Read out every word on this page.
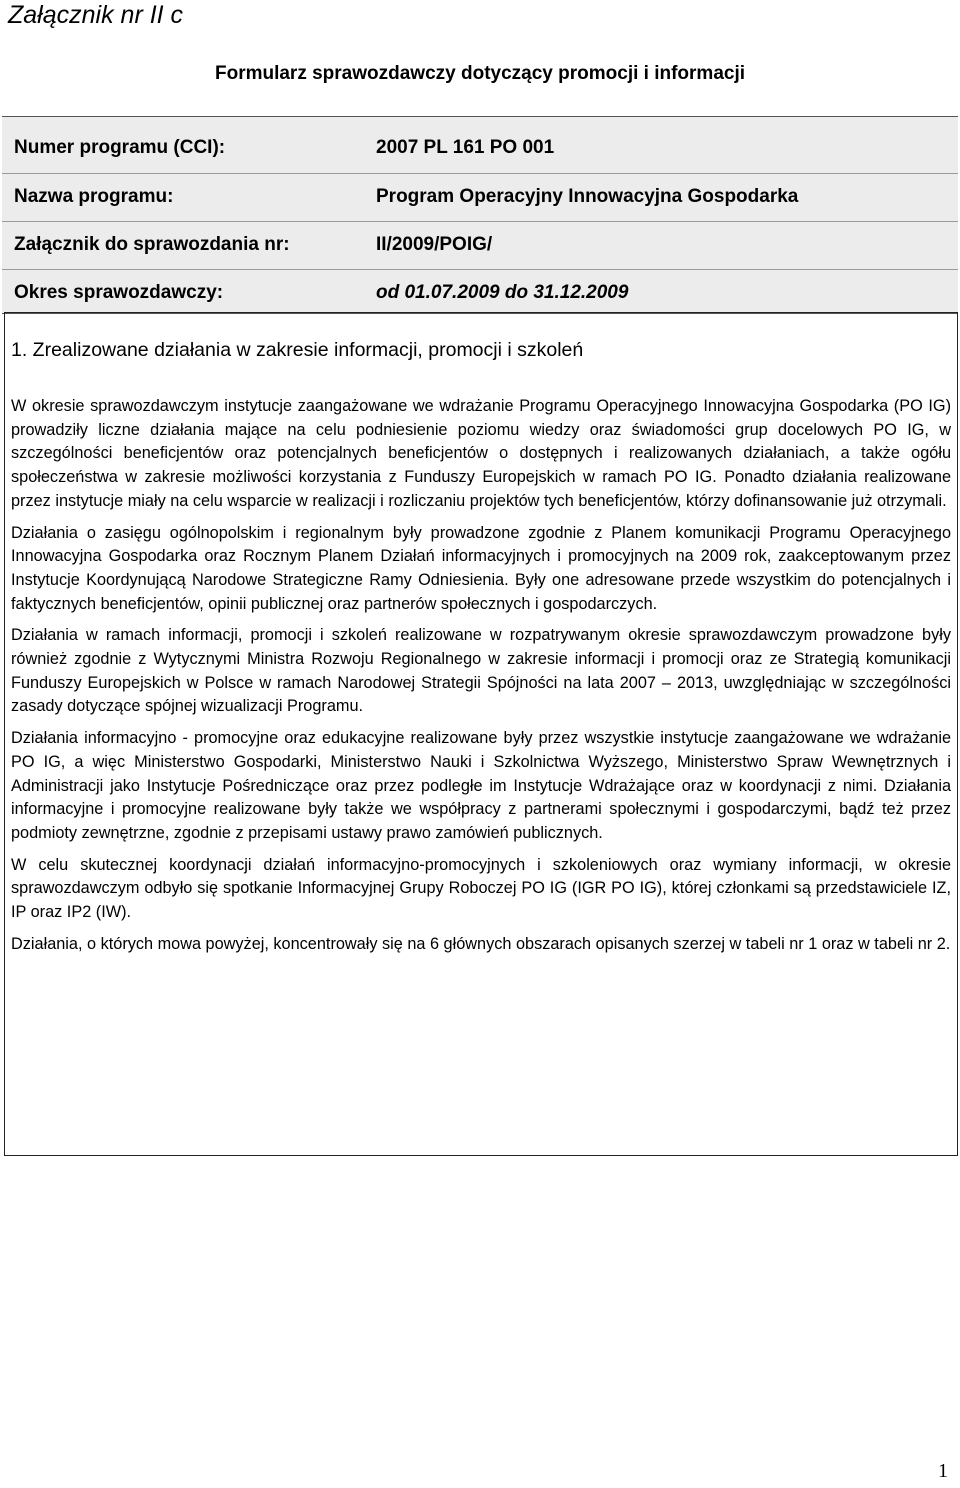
Załącznik nr II c
Formularz sprawozdawczy dotyczący promocji i informacji
Numer programu (CCI):	2007 PL 161 PO 001
Nazwa programu:	Program Operacyjny Innowacyjna Gospodarka
Załącznik do sprawozdania nr:	II/2009/POIG/
Okres sprawozdawczy:	od 01.07.2009 do 31.12.2009
1. Zrealizowane działania w zakresie informacji, promocji i szkoleń

W okresie sprawozdawczym instytucje zaangażowane we wdrażanie Programu Operacyjnego Innowacyjna Gospodarka (PO IG) prowadziły liczne działania mające na celu podniesienie poziomu wiedzy oraz świadomości grup docelowych PO IG, w szczególności beneficjentów oraz potencjalnych beneficjentów o dostępnych i realizowanych działaniach, a także ogółu społeczeństwa w zakresie możliwości korzystania z Funduszy Europejskich w ramach PO IG. Ponadto działania realizowane przez instytucje miały na celu wsparcie w realizacji i rozliczaniu projektów tych beneficjentów, którzy dofinansowanie już otrzymali.

Działania o zasięgu ogólnopolskim i regionalnym były prowadzone zgodnie z Planem komunikacji Programu Operacyjnego Innowacyjna Gospodarka oraz Rocznym Planem Działań informacyjnych i promocyjnych na 2009 rok, zaakceptowanym przez Instytucje Koordynującą Narodowe Strategiczne Ramy Odniesienia. Były one adresowane przede wszystkim do potencjalnych i faktycznych beneficjentów, opinii publicznej oraz partnerów społecznych i gospodarczych.

Działania w ramach informacji, promocji i szkoleń realizowane w rozpatrywanym okresie sprawozdawczym prowadzone były również zgodnie z Wytycznymi Ministra Rozwoju Regionalnego w zakresie informacji i promocji oraz ze Strategią komunikacji Funduszy Europejskich w Polsce w ramach Narodowej Strategii Spójności na lata 2007 – 2013, uwzględniając w szczególności zasady dotyczące spójnej wizualizacji Programu.

Działania informacyjno - promocyjne oraz edukacyjne realizowane były przez wszystkie instytucje zaangażowane we wdrażanie PO IG, a więc Ministerstwo Gospodarki, Ministerstwo Nauki i Szkolnictwa Wyższego, Ministerstwo Spraw Wewnętrznych i Administracji jako Instytucje Pośredniczące oraz przez podległe im Instytucje Wdrażające oraz w koordynacji z nimi. Działania informacyjne i promocyjne realizowane były także we współpracy z partnerami społecznymi i gospodarczymi, bądź też przez podmioty zewnętrzne, zgodnie z przepisami ustawy prawo zamówień publicznych.

W celu skutecznej koordynacji działań informacyjno-promocyjnych i szkoleniowych oraz wymiany informacji, w okresie sprawozdawczym odbyło się spotkanie Informacyjnej Grupy Roboczej PO IG (IGR PO IG), której członkami są przedstawiciele IZ, IP oraz IP2 (IW).

Działania, o których mowa powyżej, koncentrowały się na 6 głównych obszarach opisanych szerzej w tabeli nr 1 oraz w tabeli nr 2.

1
